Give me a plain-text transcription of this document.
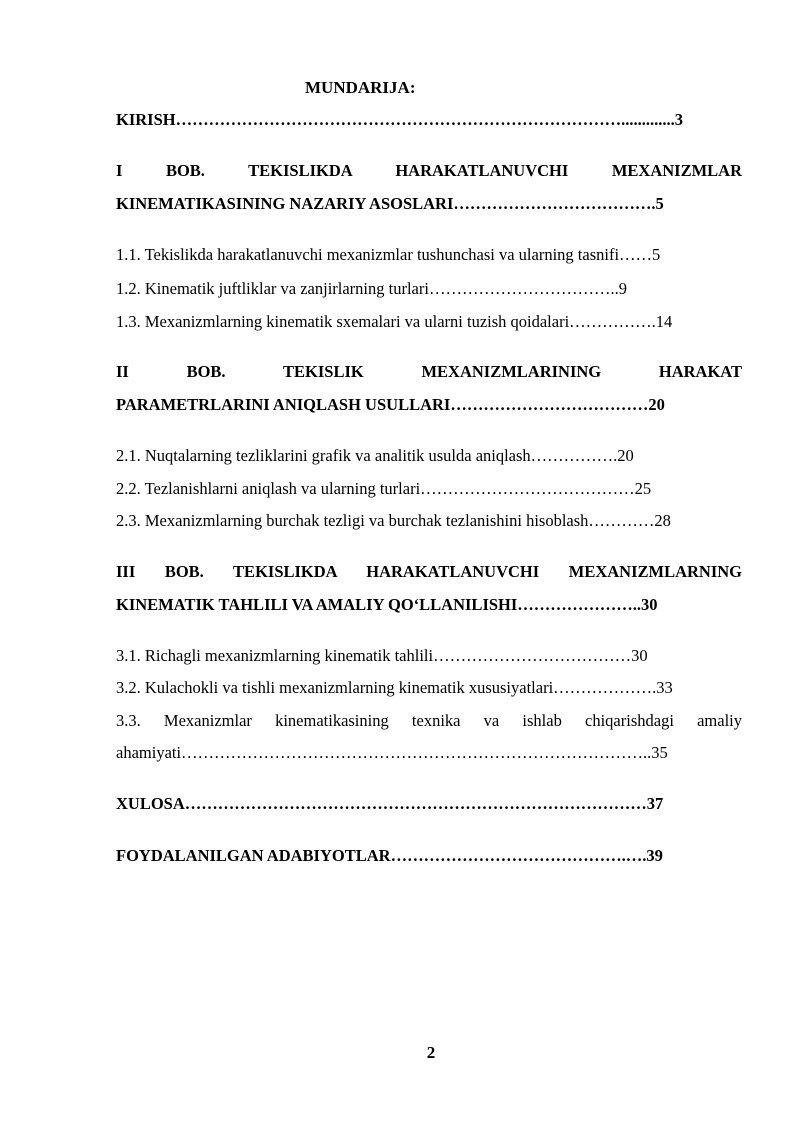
MUNDARIJA:
KIRISH……………………………………………………………………….............3
I BOB. TEKISLIKDA HARAKATLANUVCHI MEXANIZMLAR
KINEMATIKASINING NAZARIY ASOSLARI……………………………….5
1.1. Tekislikda harakatlanuvchi mexanizmlar tushunchasi va ularning tasnifi……5
1.2. Kinematik juftliklar va zanjirlarning turlari……………………………..9
1.3. Mexanizmlarning kinematik sxemalari va ularni tuzish qoidalari…………….14
II BOB. TEKISLIK MEXANIZMLARINING HARAKAT
PARAMETRLARINI ANIQLASH USULLARI………………………………20
2.1. Nuqtalarning tezliklarini grafik va analitik usulda aniqlash…………….20
2.2. Tezlanishlarni aniqlash va ularning turlari…………………………………25
2.3. Mexanizmlarning burchak tezligi va burchak tezlanishini hisoblash…………28
III BOB. TEKISLIKDA HARAKATLANUVCHI MEXANIZMLARNING
KINEMATIK TAHLILI VA AMALIY QO‘LLANILISHI…………………..30
3.1. Richagli mexanizmlarning kinematik tahlili………………………………30
3.2. Kulachokli va tishli mexanizmlarning kinematik xususiyatlari……………….33
3.3. Mexanizmlar kinematikasining texnika va ishlab chiqarishdagi amaliy
ahamiyati…………………………………………………………………………..35
XULOSA…………………………………………………………………………37
FOYDALANILGAN ADABIYOTLAR…………………………………….….39
2
